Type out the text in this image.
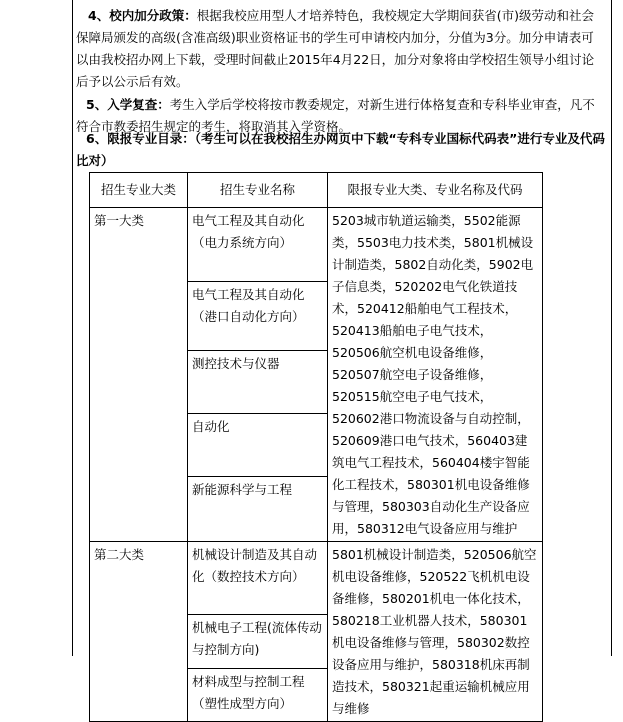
4、校内加分政策：根据我校应用型人才培养特色，我校规定大学期间获省(市)级劳动和社会保障局颁发的高级(含准高级)职业资格证书的学生可申请校内加分，分值为3分。加分申请表可以由我校招办网上下载，受理时间截止2015年4月22日，加分对象将由学校招生领导小组讨论后予以公示后有效。

5、入学复查：考生入学后学校将按市教委规定，对新生进行体格复查和专科毕业审查，凡不符合市教委招生规定的考生，将取消其入学资格。

6、限报专业目录：（考生可以在我校招生办网页中下载“专科专业国标代码表”进行专业及代码比对）

招生专业大类	招生专业名称	限报专业大类、专业名称及代码
第一大类	电气工程及其自动化（电力系统方向）	5203城市轨道运输类，5502能源类，5503电力技术类，5801机械设计制造类，5802自动化类，5902电子信息类，520202电气化铁道技术，520412船舶电气工程技术，520413船舶电子电气技术，520506航空机电设备维修，520507航空电子设备维修，520515航空电子电气技术，520602港口物流设备与自动控制，520609港口电气技术，560403建筑电气工程技术，560404楼宇智能化工程技术，580301机电设备维修与管理，580303自动化生产设备应用，580312电气设备应用与维护
	电气工程及其自动化（港口自动化方向）	
	测控技术与仪器	
	自动化	
	新能源科学与工程	
第二大类	机械设计制造及其自动化（数控技术方向）	5801机械设计制造类，520506航空机电设备维修，520522飞机机电设备维修，580201机电一体化技术，580218工业机器人技术，580301机电设备维修与管理，580302数控设备应用与维护，580318机床再制造技术，580321起重运输机械应用与维修
	机械电子工程(流体传动与控制方向)	
	材料成型与控制工程（塑性成型方向）	
